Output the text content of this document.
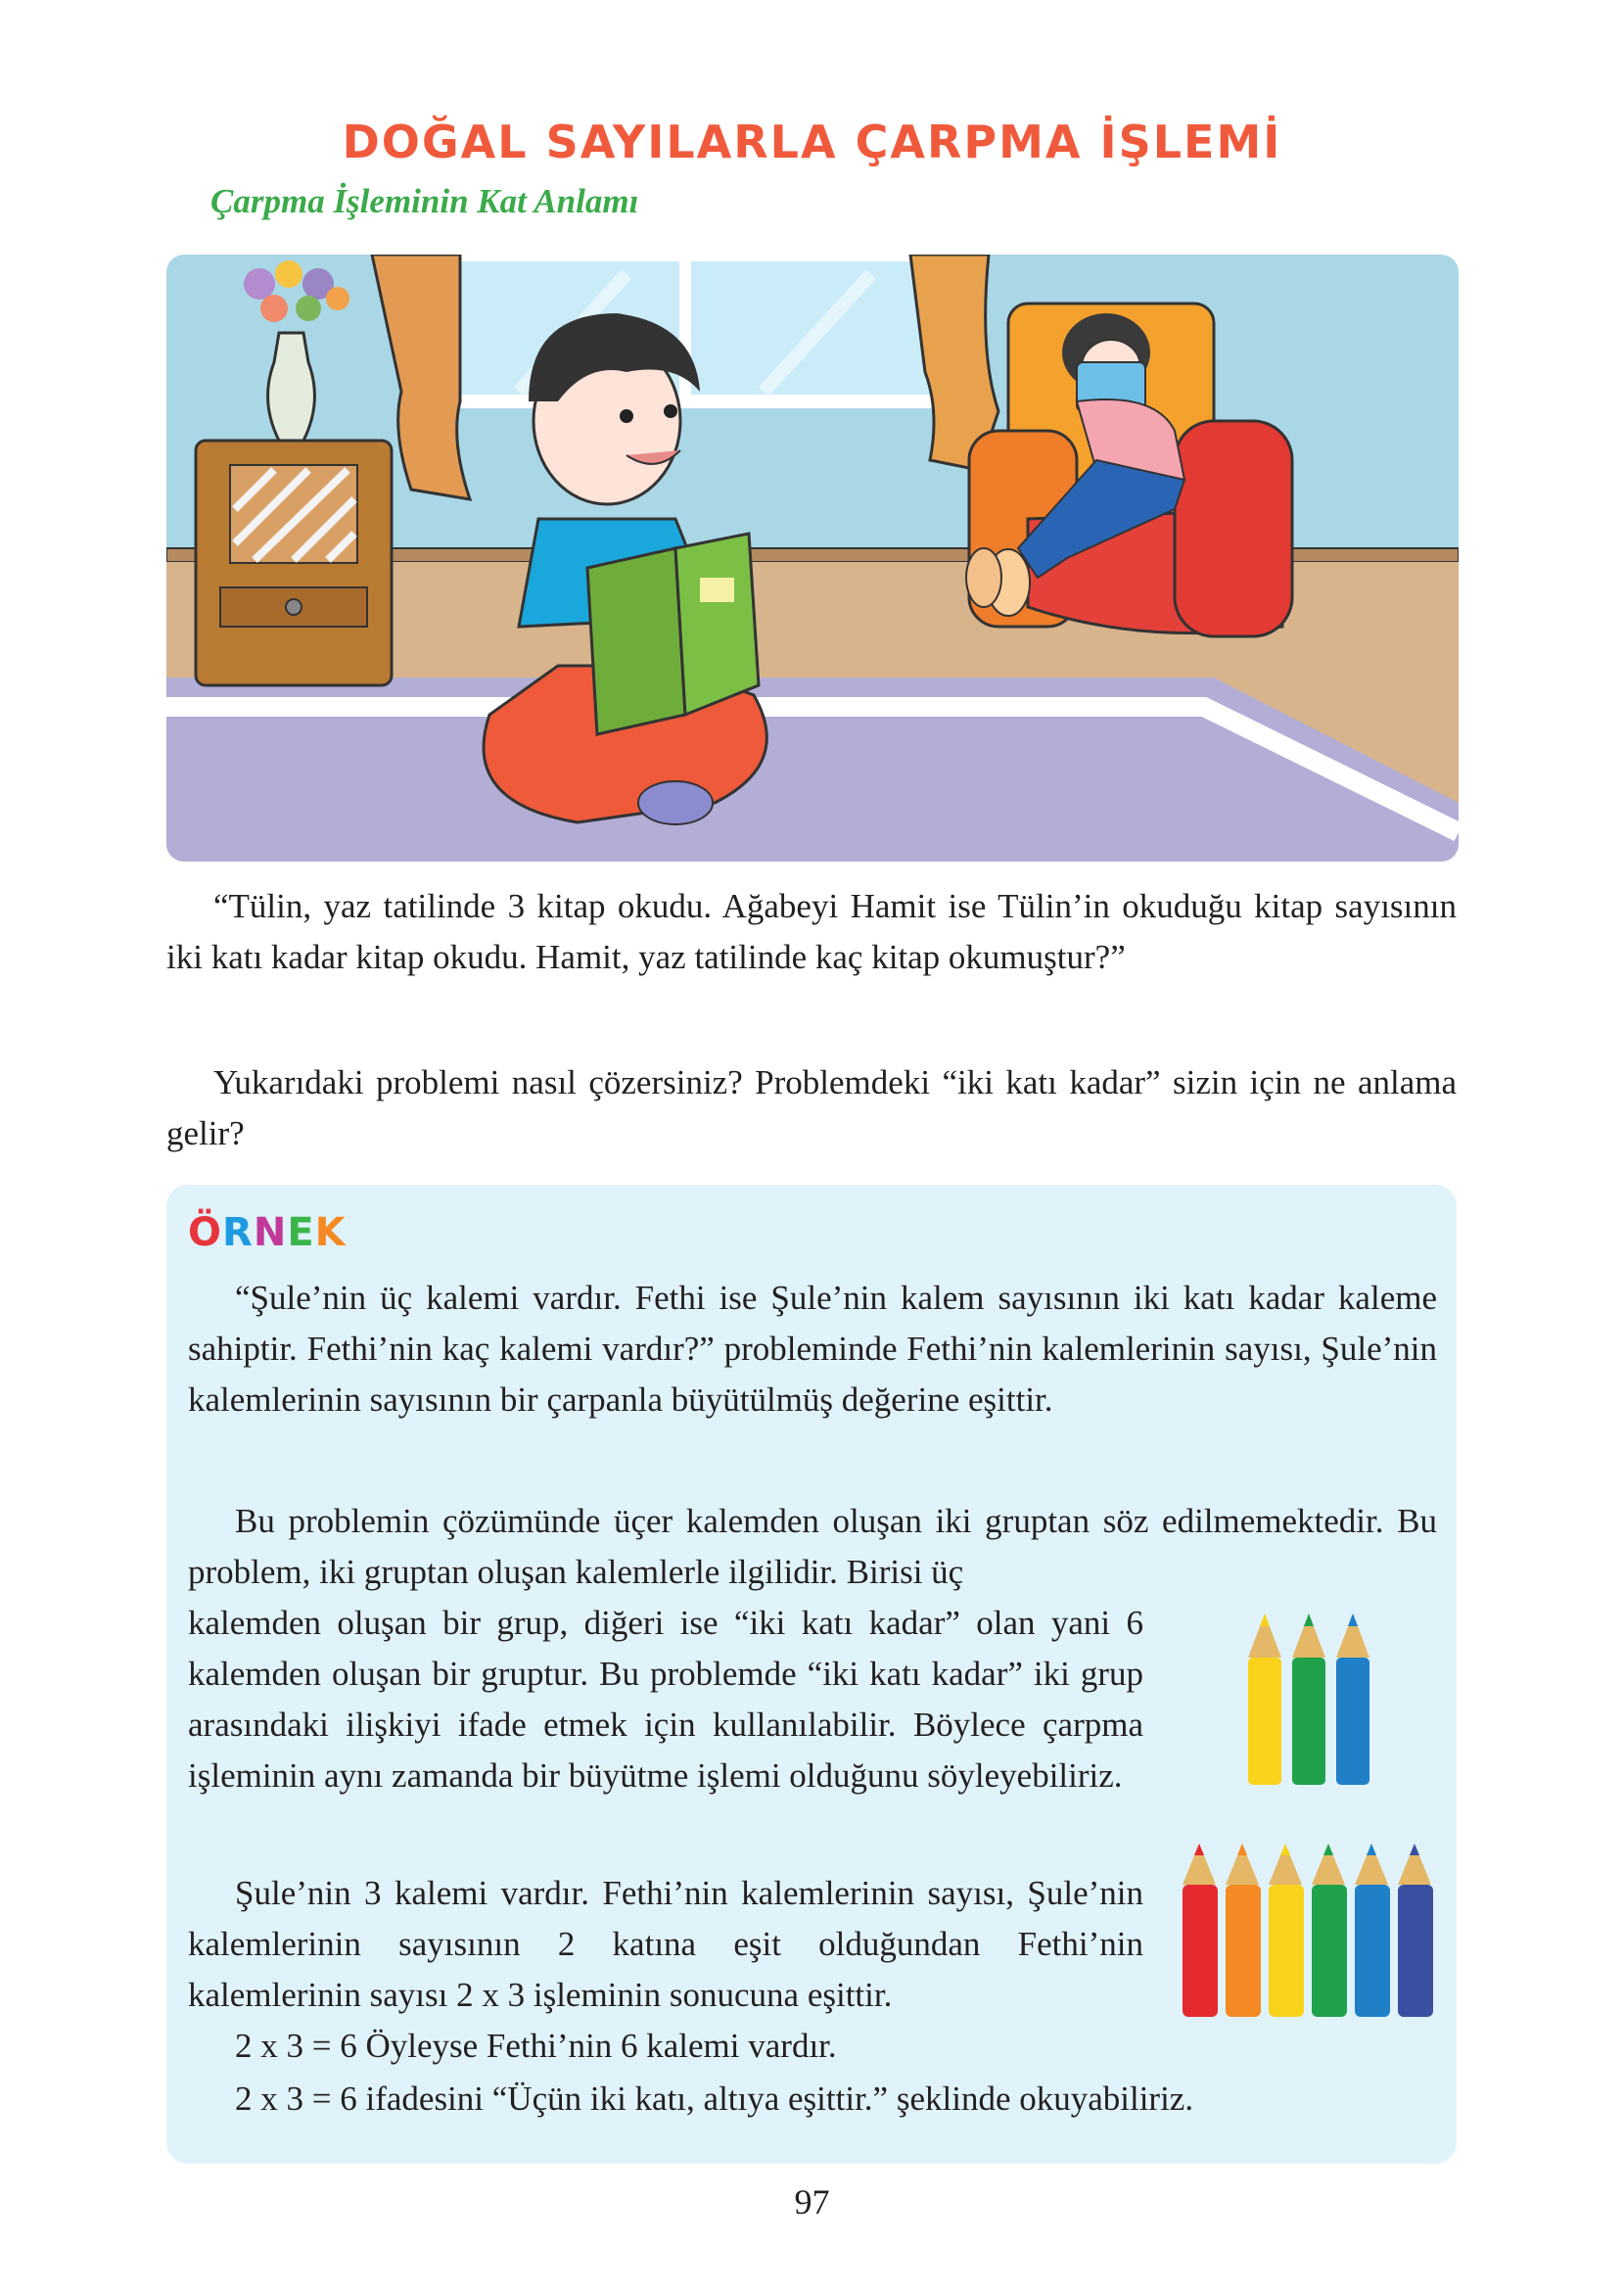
DOĞAL SAYILARLA ÇARPMA İŞLEMİ
Çarpma İşleminin Kat Anlamı
“Tülin, yaz tatilinde 3 kitap okudu. Ağabeyi Hamit ise Tülin’in okuduğu kitap sayısının iki katı kadar kitap okudu. Hamit, yaz tatilinde kaç kitap okumuştur?”
Yukarıdaki problemi nasıl çözersiniz? Problemdeki “iki katı kadar” sizin için ne anlama gelir?
ÖRNEK
“Şule’nin üç kalemi vardır. Fethi ise Şule’nin kalem sayısının iki katı kadar kaleme sahiptir. Fethi’nin kaç kalemi vardır?” probleminde Fethi’nin kalemlerinin sayısı, Şule’nin kalemlerinin sayısının bir çarpanla büyütülmüş değerine eşittir.
Bu problemin çözümünde üçer kalemden oluşan iki gruptan söz edilmemektedir. Bu problem, iki gruptan oluşan kalemlerle ilgilidir. Birisi üç
kalemden oluşan bir grup, diğeri ise “iki katı kadar” olan yani 6 kalemden oluşan bir gruptur. Bu problemde “iki katı kadar” iki grup arasındaki ilişkiyi ifade etmek için kullanılabilir. Böylece çarpma işleminin aynı zamanda bir büyütme işlemi olduğunu söyleyebiliriz.
Şule’nin 3 kalemi vardır. Fethi’nin kalemlerinin sayısı, Şule’nin kalemlerinin sayısının 2 katına eşit olduğundan Fethi’nin kalemlerinin sayısı 2 x 3 işleminin sonucuna eşittir.
2 x 3 = 6 Öyleyse Fethi’nin 6 kalemi vardır.
2 x 3 = 6 ifadesini “Üçün iki katı, altıya eşittir.” şeklinde okuyabiliriz.
97
